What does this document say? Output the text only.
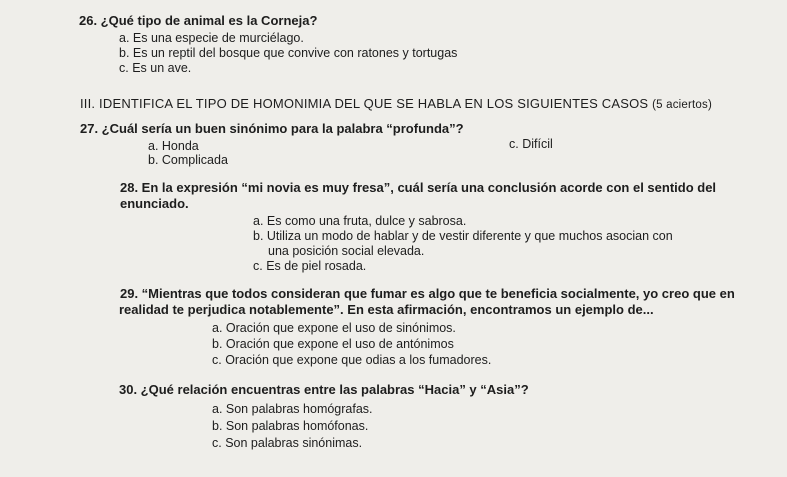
26. ¿Qué tipo de animal es la Corneja?
a. Es una especie de murciélago.
b. Es un reptil del bosque que convive con ratones y tortugas
c. Es un ave.
III. IDENTIFICA EL TIPO DE HOMONIMIA DEL QUE SE HABLA EN LOS SIGUIENTES CASOS (5 aciertos)
27. ¿Cuál sería un buen sinónimo para la palabra “profunda”?
a. Honda
b. Complicada
c. Difícil
28. En la expresión “mi novia es muy fresa”, cuál sería una conclusión acorde con el sentido del
enunciado.
a. Es como una fruta, dulce y sabrosa.
b. Utiliza un modo de hablar y de vestir diferente y que muchos asocian con
una posición social elevada.
c. Es de piel rosada.
29. “Mientras que todos consideran que fumar es algo que te beneficia socialmente, yo creo que en
realidad te perjudica notablemente”. En esta afirmación, encontramos un ejemplo de...
a. Oración que expone el uso de sinónimos.
b. Oración que expone el uso de antónimos
c. Oración que expone que odias a los fumadores.
30. ¿Qué relación encuentras entre las palabras “Hacia” y “Asia”?
a. Son palabras homógrafas.
b. Son palabras homófonas.
c. Son palabras sinónimas.
